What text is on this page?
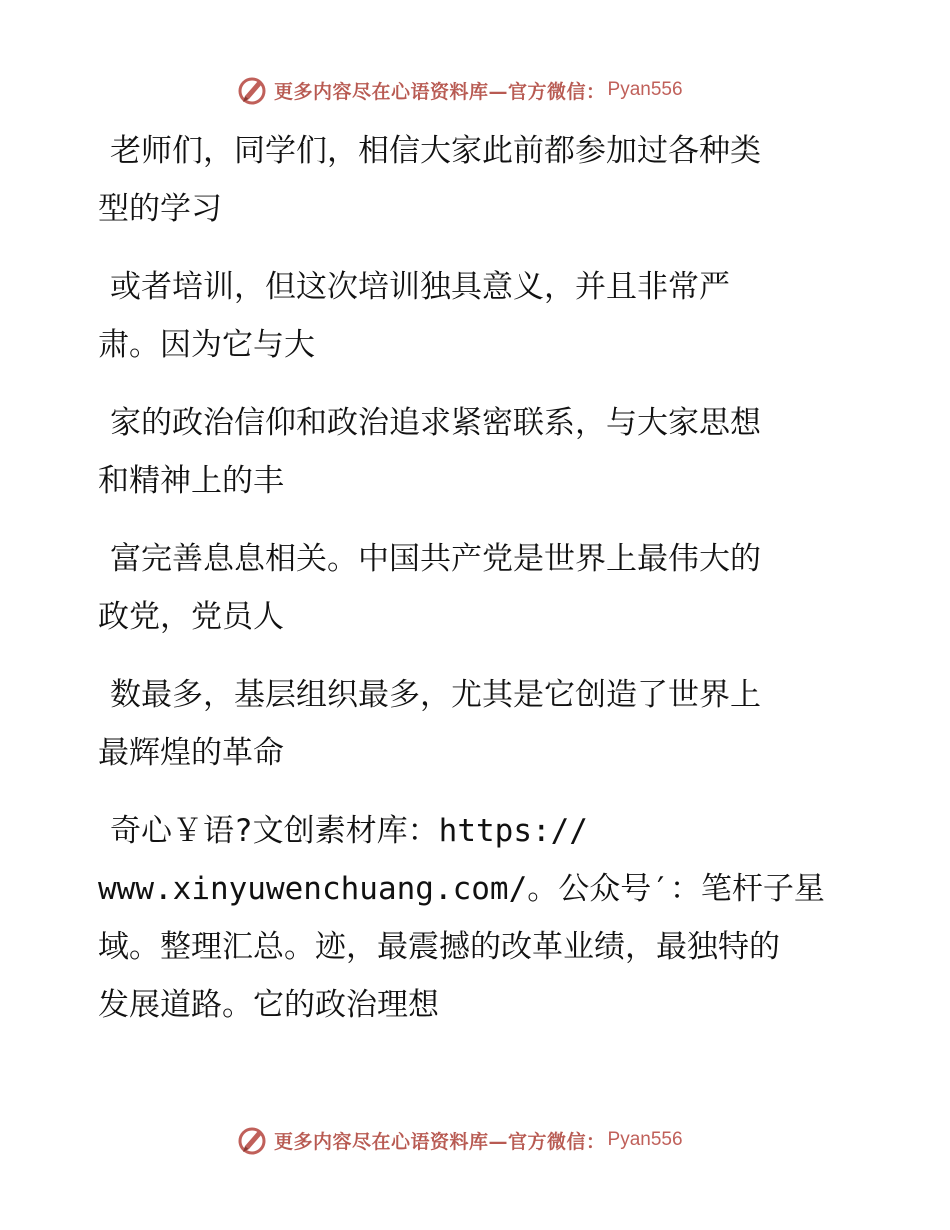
更多内容尽在心语资料库—官方微信： Pyan556
老师们，同学们，相信大家此前都参加过各种类
型的学习
或者培训，但这次培训独具意义，并且非常严
肃。因为它与大
家的政治信仰和政治追求紧密联系，与大家思想
和精神上的丰
富完善息息相关。中国共产党是世界上最伟大的
政党，党员人
数最多，基层组织最多，尤其是它创造了世界上
最辉煌的革命
奇心￥语?文创素材库：https://
www.xinyuwenchuang.com/。公众号′：笔杆子星
域。整理汇总。迹，最震撼的改革业绩，最独特的
发展道路。它的政治理想
更多内容尽在心语资料库—官方微信： Pyan556
